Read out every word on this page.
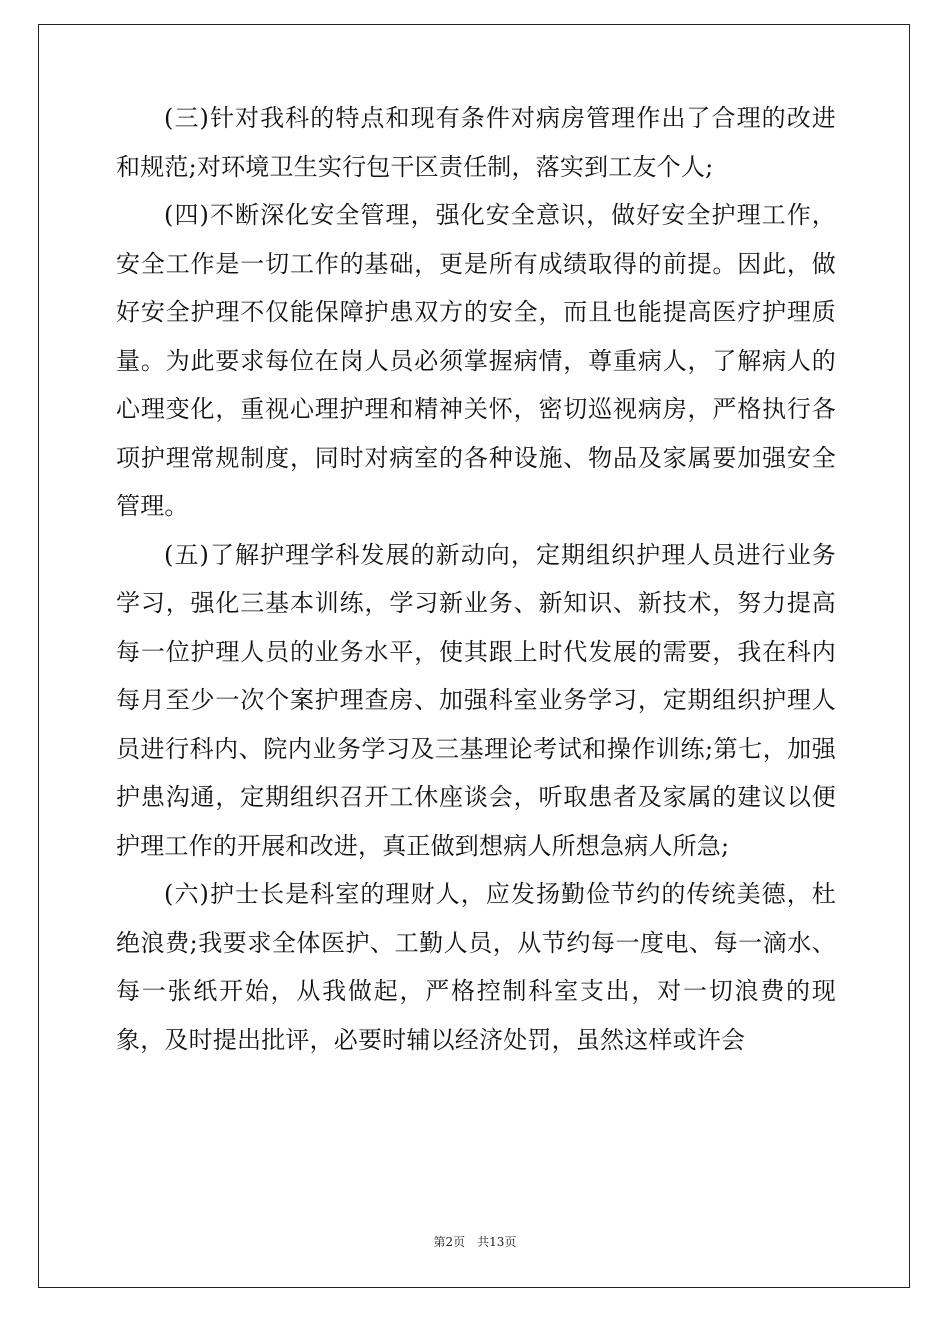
(三)针对我科的特点和现有条件对病房管理作出了合理的改进和规范;对环境卫生实行包干区责任制，落实到工友个人;

(四)不断深化安全管理，强化安全意识，做好安全护理工作，安全工作是一切工作的基础，更是所有成绩取得的前提。因此，做好安全护理不仅能保障护患双方的安全，而且也能提高医疗护理质量。为此要求每位在岗人员必须掌握病情，尊重病人，了解病人的心理变化，重视心理护理和精神关怀，密切巡视病房，严格执行各项护理常规制度，同时对病室的各种设施、物品及家属要加强安全管理。

(五)了解护理学科发展的新动向，定期组织护理人员进行业务学习，强化三基本训练，学习新业务、新知识、新技术，努力提高每一位护理人员的业务水平，使其跟上时代发展的需要，我在科内每月至少一次个案护理查房、加强科室业务学习，定期组织护理人员进行科内、院内业务学习及三基理论考试和操作训练;第七，加强护患沟通，定期组织召开工休座谈会，听取患者及家属的建议以便护理工作的开展和改进，真正做到想病人所想急病人所急;

(六)护士长是科室的理财人，应发扬勤俭节约的传统美德，杜绝浪费;我要求全体医护、工勤人员，从节约每一度电、每一滴水、每一张纸开始，从我做起，严格控制科室支出，对一切浪费的现象，及时提出批评，必要时辅以经济处罚，虽然这样或许会

第2页 共13页
